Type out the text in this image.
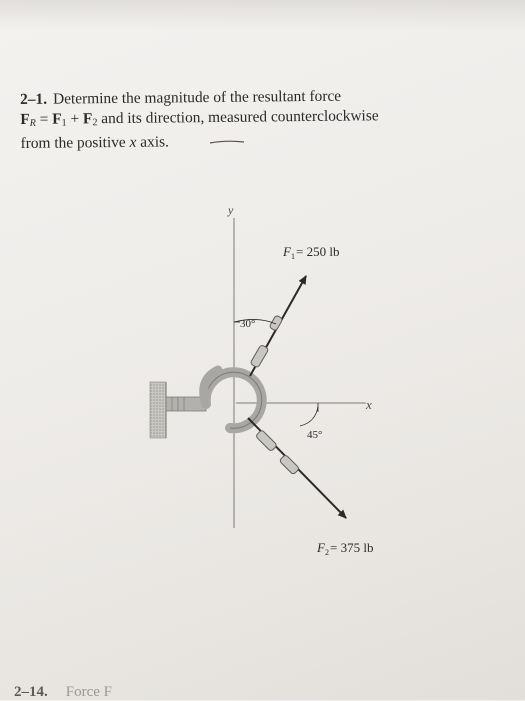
2–1. Determine the magnitude of the resultant force
$F_R = F_1 + F_2$ and its direction, measured counterclockwise
from the positive x axis.
y
x
F 1 = 250 lb
F 2 = 375 lb
30°
45°
2–14. Force F
